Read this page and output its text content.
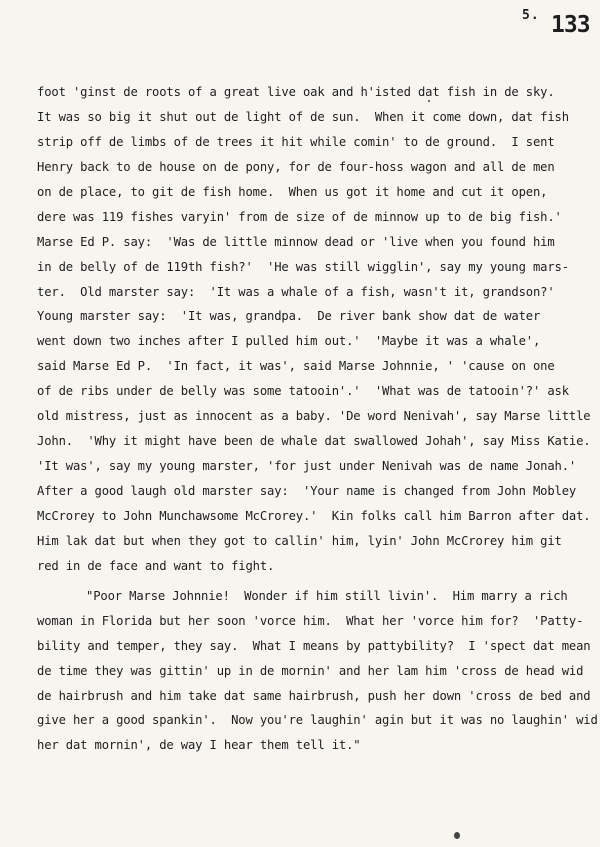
5. 133
foot 'ginst de roots of a great live oak and h'isted dat fish in de sky.
It was so big it shut out de light of de sun.  When it come down, dat fish
strip off de limbs of de trees it hit while comin' to de ground.  I sent
Henry back to de house on de pony, for de four-hoss wagon and all de men
on de place, to git de fish home.  When us got it home and cut it open,
dere was 119 fishes varyin' from de size of de minnow up to de big fish.'
Marse Ed P. say:  'Was de little minnow dead or 'live when you found him
in de belly of de 119th fish?'  'He was still wigglin', say my young mars-
ter.  Old marster say:  'It was a whale of a fish, wasn't it, grandson?'
Young marster say:  'It was, grandpa.  De river bank show dat de water
went down two inches after I pulled him out.'  'Maybe it was a whale',
said Marse Ed P.  'In fact, it was', said Marse Johnnie, ' 'cause on one
of de ribs under de belly was some tatooin'.'  'What was de tatooin'?' ask
old mistress, just as innocent as a baby. 'De word Nenivah', say Marse little
John.  'Why it might have been de whale dat swallowed Johah', say Miss Katie.
'It was', say my young marster, 'for just under Nenivah was de name Jonah.'
After a good laugh old marster say:  'Your name is changed from John Mobley
McCrorey to John Munchawsome McCrorey.'  Kin folks call him Barron after dat.
Him lak dat but when they got to callin' him, lyin' John McCrorey him git
red in de face and want to fight.
"Poor Marse Johnnie!  Wonder if him still livin'.  Him marry a rich
woman in Florida but her soon 'vorce him.  What her 'vorce him for?  'Patty-
bility and temper, they say.  What I means by pattybility?  I 'spect dat mean
de time they was gittin' up in de mornin' and her lam him 'cross de head wid
de hairbrush and him take dat same hairbrush, push her down 'cross de bed and
give her a good spankin'.  Now you're laughin' agin but it was no laughin' wid
her dat mornin', de way I hear them tell it."
